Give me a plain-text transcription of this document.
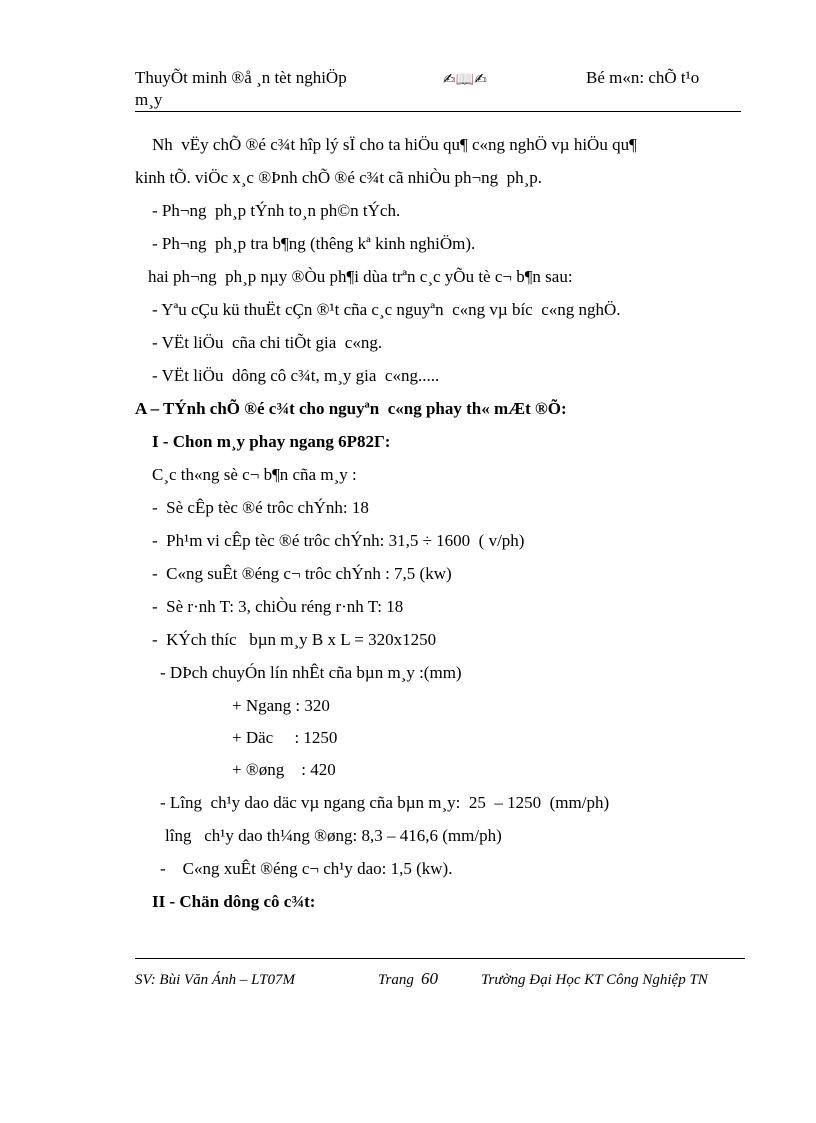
ThuyÕt minh ®å ¸n tèt nghiÖp
m¸y
✍📖✍	Bé m«n: chÕ t¹o
Nh  vËy chÕ ®é c¾t hîp lý sÏ cho ta hiÖu qu¶ c«ng nghÖ vµ hiÖu qu¶
kinh tÕ. viÖc x¸c ®Þnh chÕ ®é c¾t cã nhiÒu ph¬ng  ph¸p.
- Ph¬ng  ph¸p tÝnh to¸n ph©n tÝch.
- Ph¬ng  ph¸p tra b¶ng (thêng kª kinh nghiÖm).
hai ph¬ng  ph¸p nµy ®Òu ph¶i dùa trªn c¸c yÕu tè c¬ b¶n sau:
- Yªu cÇu kü thuËt cÇn ®¹t cña c¸c nguyªn  c«ng vµ bíc  c«ng nghÖ.
- VËt liÖu  cña chi tiÕt gia  c«ng.
- VËt liÖu  dông cô c¾t, m¸y gia  c«ng.....
A – TÝnh chÕ ®é c¾t cho nguyªn  c«ng phay th« mÆt ®Õ:
I - Chon m¸y phay ngang 6P82Γ:
C¸c th«ng sè c¬ b¶n cña m¸y :
-  Sè cÊp tèc ®é trôc chÝnh: 18
-  Ph¹m vi cÊp tèc ®é trôc chÝnh: 31,5 ÷ 1600  ( v/ph)
-  C«ng suÊt ®éng c¬ trôc chÝnh : 7,5 (kw)
-  Sè r·nh T: 3, chiÒu réng r·nh T: 18
-  KÝch thíc   bµn m¸y B x L = 320x1250
- DÞch chuyÓn lín nhÊt cña bµn m¸y :(mm)
+ Ngang : 320
+ Däc     : 1250
+ ®øng    : 420
- Lîng  ch¹y dao däc vµ ngang cña bµn m¸y:  25  – 1250  (mm/ph)
lîng   ch¹y dao th¼ng ®øng: 8,3 – 416,6 (mm/ph)
-    C«ng xuÊt ®éng c¬ ch¹y dao: 1,5 (kw).
II - Chän dông cô c¾t:
SV: Bùi Văn Ánh – LT07M	Trang 60	Trường Đại Học KT Công Nghiệp TN
